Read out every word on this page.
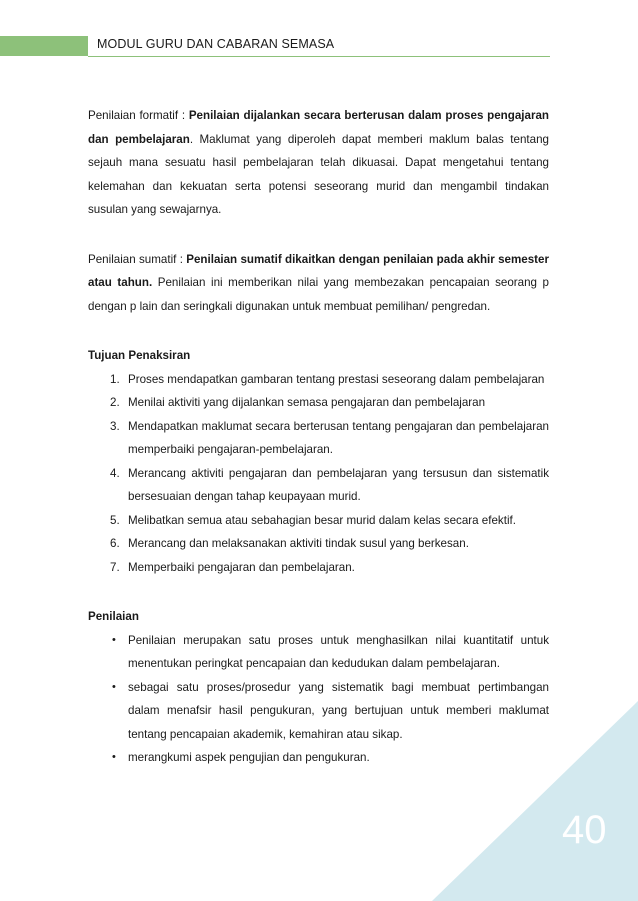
MODUL GURU DAN CABARAN SEMASA
40

Penilaian formatif : Penilaian dijalankan secara berterusan dalam proses pengajaran dan pembelajaran. Maklumat yang diperoleh dapat memberi maklum balas tentang sejauh mana sesuatu hasil pembelajaran telah dikuasai. Dapat mengetahui tentang kelemahan dan kekuatan serta potensi seseorang murid dan mengambil tindakan susulan yang sewajarnya.

Penilaian sumatif : Penilaian sumatif dikaitkan dengan penilaian pada akhir semester atau tahun. Penilaian ini memberikan nilai yang membezakan pencapaian seorang p dengan p lain dan seringkali digunakan untuk membuat pemilihan/ pengredan.

Tujuan Penaksiran

1. Proses mendapatkan gambaran tentang prestasi seseorang dalam pembelajaran
2. Menilai aktiviti yang dijalankan semasa pengajaran dan pembelajaran
3. Mendapatkan maklumat secara berterusan tentang pengajaran dan pembelajaran memperbaiki pengajaran-pembelajaran.
4. Merancang aktiviti pengajaran dan pembelajaran yang tersusun dan sistematik bersesuaian dengan tahap keupayaan murid.
5. Melibatkan semua atau sebahagian besar murid dalam kelas secara efektif.
6. Merancang dan melaksanakan aktiviti tindak susul yang berkesan.
7. Memperbaiki pengajaran dan pembelajaran.

Penilaian

• Penilaian merupakan satu proses untuk menghasilkan nilai kuantitatif untuk menentukan peringkat pencapaian dan kedudukan dalam pembelajaran.
• sebagai satu proses/prosedur yang sistematik bagi membuat pertimbangan dalam menafsir hasil pengukuran, yang bertujuan untuk memberi maklumat tentang pencapaian akademik, kemahiran atau sikap.
• merangkumi aspek pengujian dan pengukuran.
